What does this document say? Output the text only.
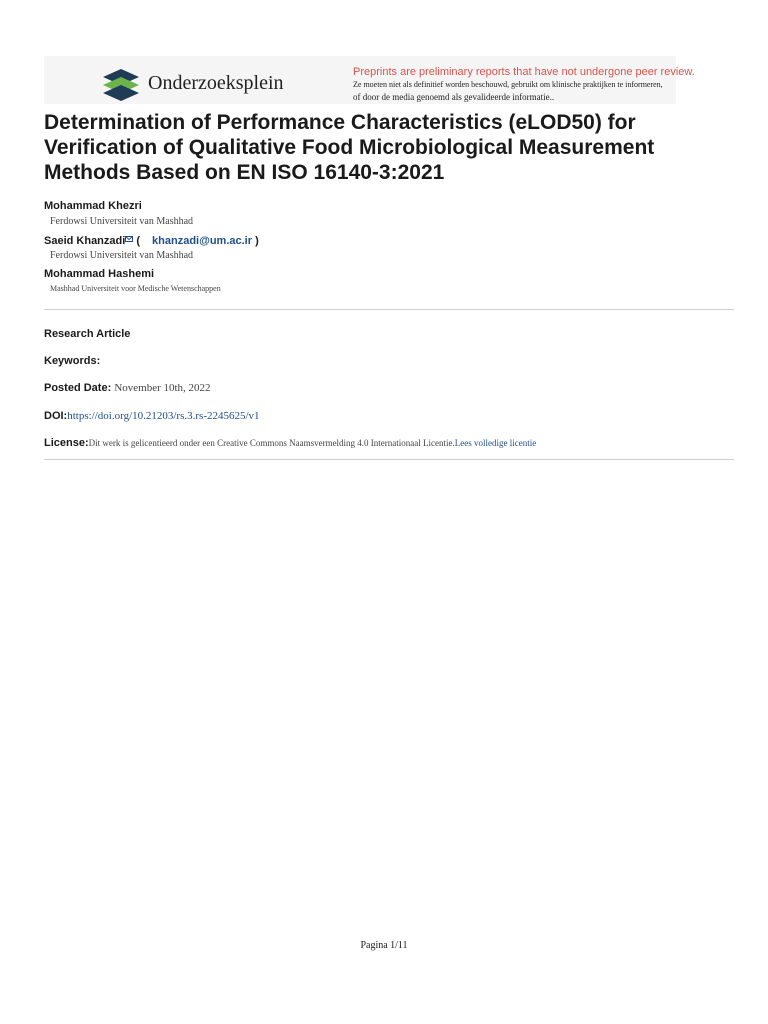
Onderzoeksplein	Preprints are preliminary reports that have not undergone peer review.
Ze moeten niet als definitief worden beschouwd, gebruikt om klinische praktijken te informeren,
of door de media genoemd als gevalideerde informatie..
Determination of Performance Characteristics (eLOD50) for Verification of Qualitative Food Microbiological Measurement Methods Based on EN ISO 16140-3:2021
Mohammad Khezri
Ferdowsi Universiteit van Mashhad
Saeid Khanzadi ( khanzadi@um.ac.ir )
Ferdowsi Universiteit van Mashhad
Mohammad Hashemi
Mashhad Universiteit voor Medische Wetenschappen
Research Article
Keywords:
Posted Date: November 10th, 2022
DOI:https://doi.org/10.21203/rs.3.rs-2245625/v1
License:Dit werk is gelicentieerd onder een Creative Commons Naamsvermelding 4.0 Internationaal Licentie.Lees volledige licentie
Pagina 1/11
